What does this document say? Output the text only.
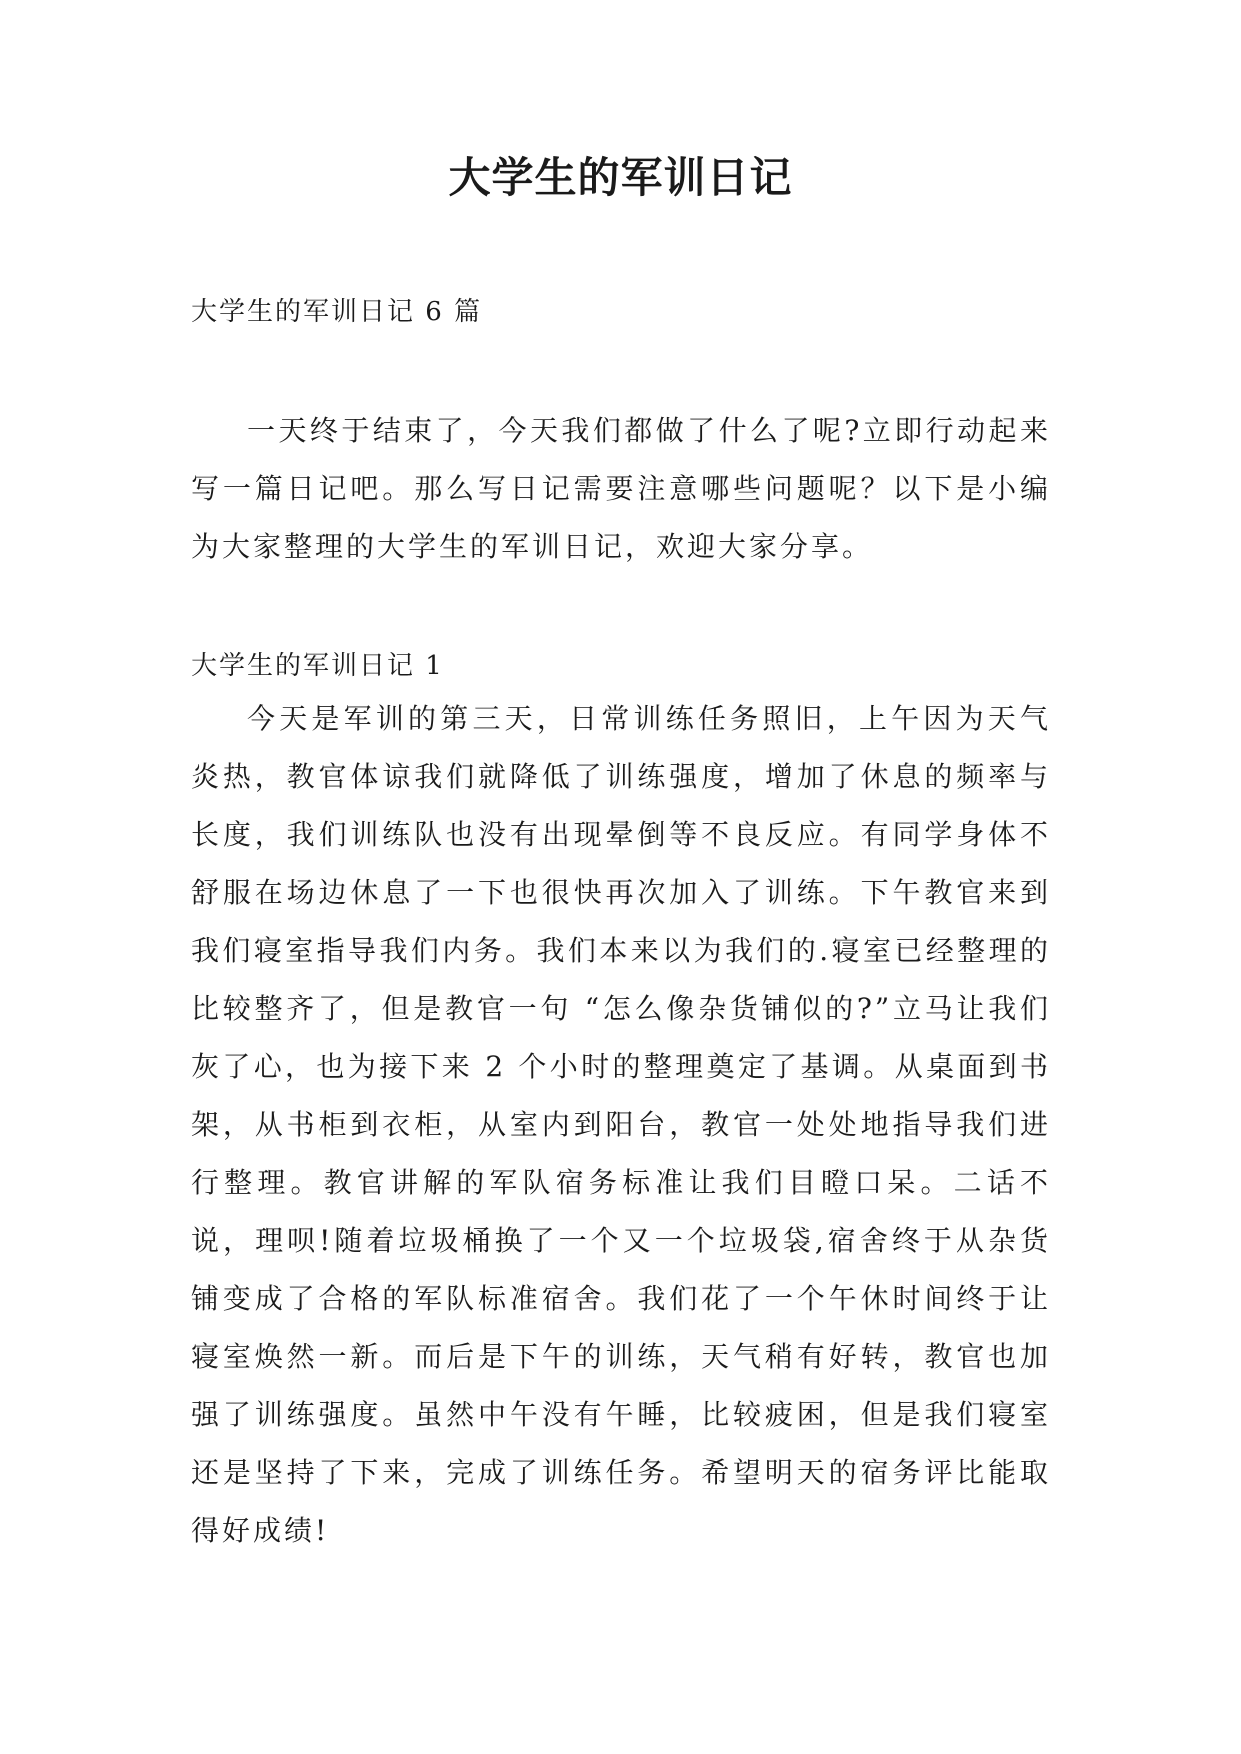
大学生的军训日记

大学生的军训日记 6 篇

一天终于结束了，今天我们都做了什么了呢?立即行动起来写一篇日记吧。那么写日记需要注意哪些问题呢？以下是小编为大家整理的大学生的军训日记，欢迎大家分享。

大学生的军训日记 1

今天是军训的第三天，日常训练任务照旧，上午因为天气炎热，教官体谅我们就降低了训练强度，增加了休息的频率与长度，我们训练队也没有出现晕倒等不良反应。有同学身体不舒服在场边休息了一下也很快再次加入了训练。下午教官来到我们寝室指导我们内务。我们本来以为我们的.寝室已经整理的比较整齐了，但是教官一句 “怎么像杂货铺似的?”立马让我们灰了心，也为接下来 2 个小时的整理奠定了基调。从桌面到书架，从书柜到衣柜，从室内到阳台，教官一处处地指导我们进行整理。教官讲解的军队宿务标准让我们目瞪口呆。二话不说，理呗!随着垃圾桶换了一个又一个垃圾袋,宿舍终于从杂货铺变成了合格的军队标准宿舍。我们花了一个午休时间终于让寝室焕然一新。而后是下午的训练，天气稍有好转，教官也加强了训练强度。虽然中午没有午睡，比较疲困，但是我们寝室还是坚持了下来，完成了训练任务。希望明天的宿务评比能取得好成绩!
